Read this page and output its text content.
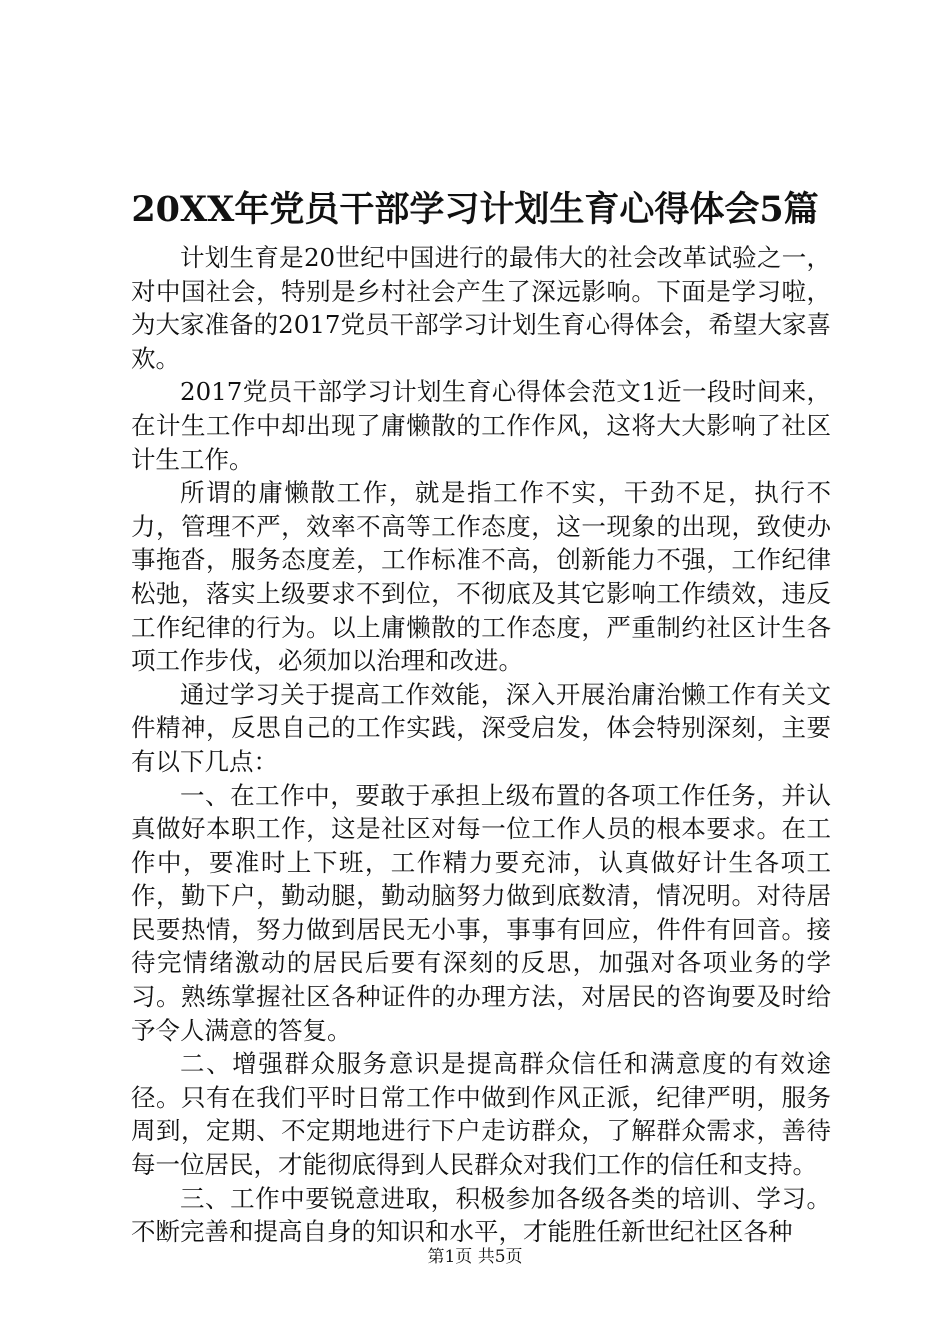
20XX年党员干部学习计划生育心得体会5篇

计划生育是20世纪中国进行的最伟大的社会改革试验之一，对中国社会，特别是乡村社会产生了深远影响。下面是学习啦，为大家准备的2017党员干部学习计划生育心得体会，希望大家喜欢。

2017党员干部学习计划生育心得体会范文1近一段时间来，在计生工作中却出现了庸懒散的工作作风，这将大大影响了社区计生工作。

所谓的庸懒散工作，就是指工作不实，干劲不足，执行不力，管理不严，效率不高等工作态度，这一现象的出现，致使办事拖沓，服务态度差，工作标准不高，创新能力不强，工作纪律松弛，落实上级要求不到位，不彻底及其它影响工作绩效，违反工作纪律的行为。以上庸懒散的工作态度，严重制约社区计生各项工作步伐，必须加以治理和改进。

通过学习关于提高工作效能，深入开展治庸治懒工作有关文件精神，反思自己的工作实践，深受启发，体会特别深刻，主要有以下几点：

一、在工作中，要敢于承担上级布置的各项工作任务，并认真做好本职工作，这是社区对每一位工作人员的根本要求。在工作中，要准时上下班，工作精力要充沛，认真做好计生各项工作，勤下户，勤动腿，勤动脑努力做到底数清，情况明。对待居民要热情，努力做到居民无小事，事事有回应，件件有回音。接待完情绪激动的居民后要有深刻的反思，加强对各项业务的学习。熟练掌握社区各种证件的办理方法，对居民的咨询要及时给予令人满意的答复。

二、增强群众服务意识是提高群众信任和满意度的有效途径。只有在我们平时日常工作中做到作风正派，纪律严明，服务周到，定期、不定期地进行下户走访群众，了解群众需求，善待每一位居民，才能彻底得到人民群众对我们工作的信任和支持。

三、工作中要锐意进取，积极参加各级各类的培训、学习。不断完善和提高自身的知识和水平，才能胜任新世纪社区各种

第1页 共5页
